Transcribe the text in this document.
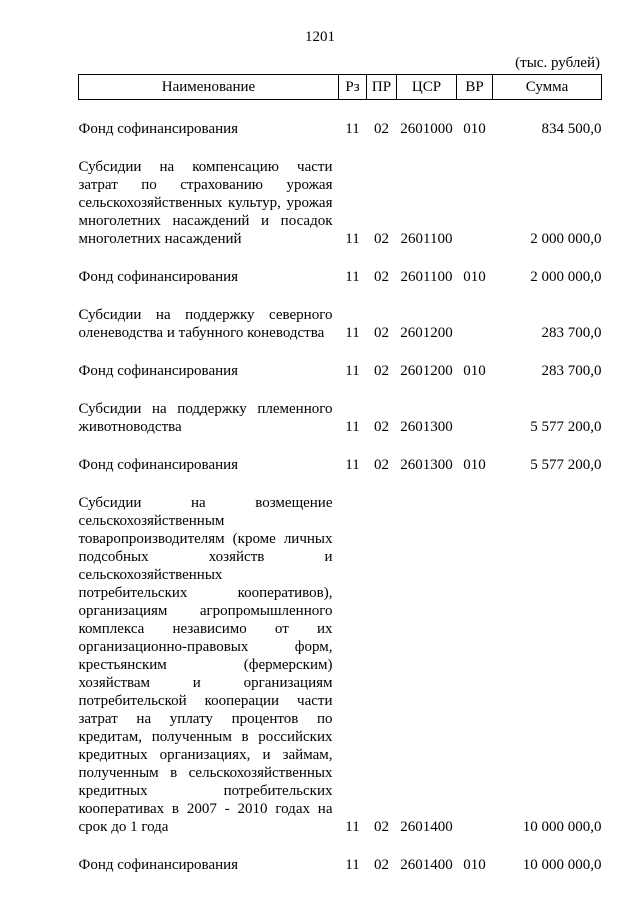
1201
(тыс. рублей)
Наименование	Рз	ПР	ЦСР	ВР	Сумма
Фонд софинансирования	11	02	2601000	010	834 500,0
Субсидии на компенсацию части затрат по страхованию урожая сельскохозяйственных культур, урожая многолетних насаждений и посадок многолетних насаждений	11	02	2601100		2 000 000,0
Фонд софинансирования	11	02	2601100	010	2 000 000,0
Субсидии на поддержку северного оленеводства и табунного коневодства	11	02	2601200		283 700,0
Фонд софинансирования	11	02	2601200	010	283 700,0
Субсидии на поддержку племенного животноводства	11	02	2601300		5 577 200,0
Фонд софинансирования	11	02	2601300	010	5 577 200,0
Субсидии на возмещение сельскохозяйственным товаропроизводителям (кроме личных подсобных хозяйств и сельскохозяйственных потребительских кооперативов), организациям агропромышленного комплекса независимо от их организационно-правовых форм, крестьянским (фермерским) хозяйствам и организациям потребительской кооперации части затрат на уплату процентов по кредитам, полученным в российских кредитных организациях, и займам, полученным в сельскохозяйственных кредитных потребительских кооперативах в 2007 - 2010 годах на срок до 1 года	11	02	2601400		10 000 000,0
Фонд софинансирования	11	02	2601400	010	10 000 000,0
